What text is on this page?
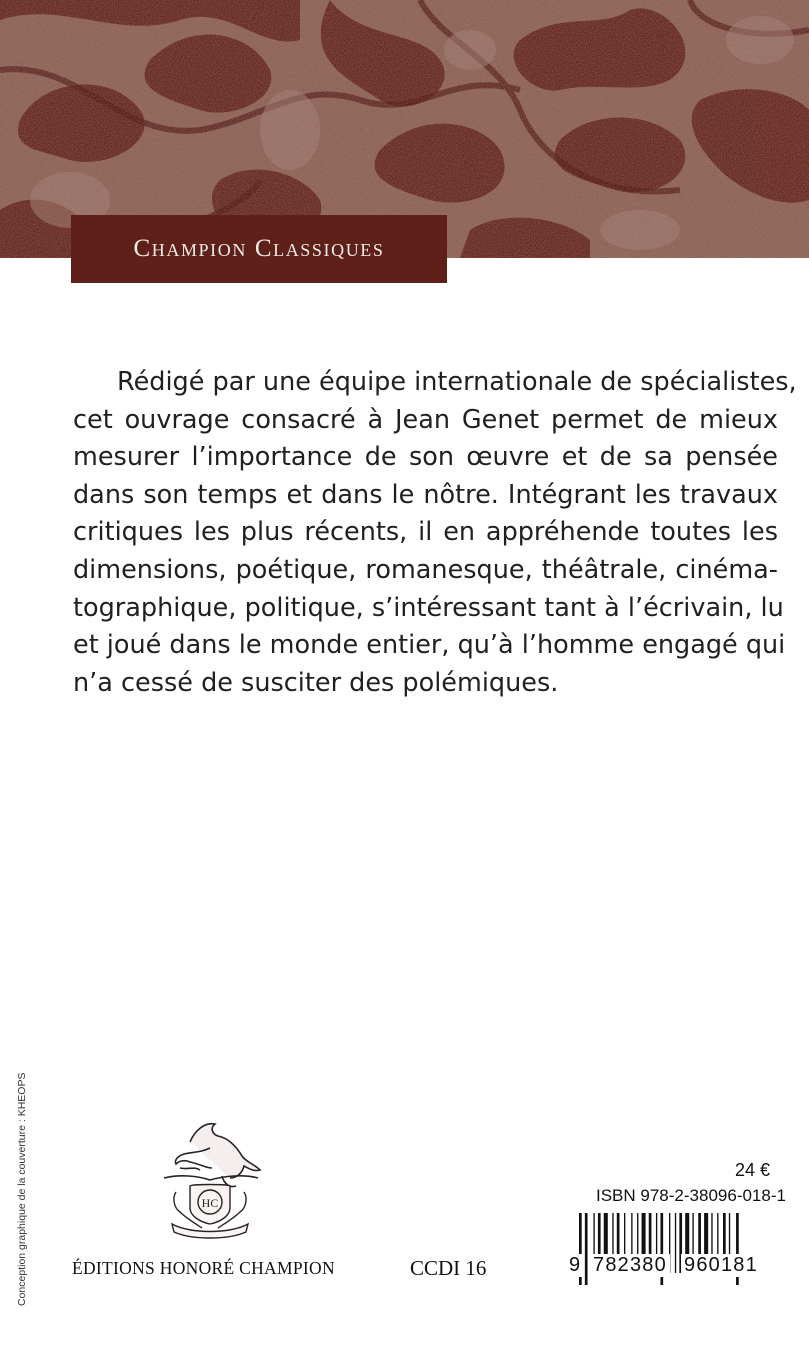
Champion Classiques
Rédigé par une équipe internationale de spécialistes,
cet ouvrage consacré à Jean Genet permet de mieux
mesurer l’importance de son œuvre et de sa pensée
dans son temps et dans le nôtre. Intégrant les travaux
critiques les plus récents, il en appréhende toutes les
dimensions, poétique, romanesque, théâtrale, cinéma-
tographique, politique, s’intéressant tant à l’écrivain, lu
et joué dans le monde entier, qu’à l’homme engagé qui
n’a cessé de susciter des polémiques.
Conception graphique de la couverture : KHEOPS	HC
ÉDITIONS HONORÉ CHAMPION	CCDI 16
24 €
ISBN 978-2-38096-018-1
9 782380 960181
